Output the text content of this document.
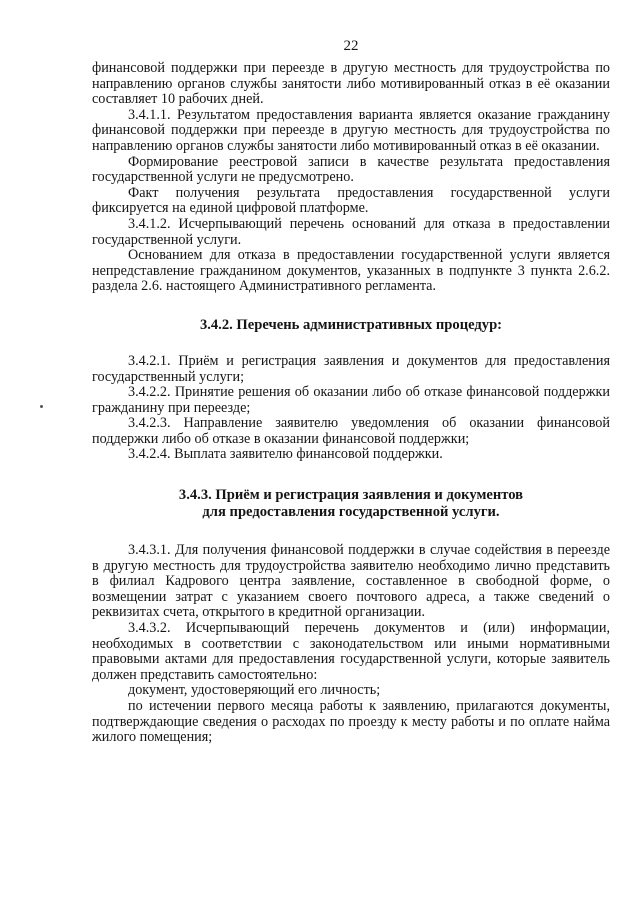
22

финансовой поддержки при переезде в другую местность для трудоустройства по направлению органов службы занятости либо мотивированный отказ в её оказании составляет 10 рабочих дней.

3.4.1.1. Результатом предоставления варианта является оказание гражданину финансовой поддержки при переезде в другую местность для трудоустройства по направлению органов службы занятости либо мотивированный отказ в её оказании.

Формирование реестровой записи в качестве результата предоставления государственной услуги не предусмотрено.

Факт получения результата предоставления государственной услуги фиксируется на единой цифровой платформе.

3.4.1.2. Исчерпывающий перечень оснований для отказа в предоставлении государственной услуги.

Основанием для отказа в предоставлении государственной услуги является непредставление гражданином документов, указанных в подпункте 3 пункта 2.6.2. раздела 2.6. настоящего Административного регламента.

3.4.2. Перечень административных процедур:

3.4.2.1. Приём и регистрация заявления и документов для предоставления государственный услуги;

3.4.2.2. Принятие решения об оказании либо об отказе финансовой поддержки гражданину при переезде;

3.4.2.3. Направление заявителю уведомления об оказании финансовой поддержки либо об отказе в оказании финансовой поддержки;

3.4.2.4. Выплата заявителю финансовой поддержки.

3.4.3. Приём и регистрация заявления и документов
для предоставления государственной услуги.

3.4.3.1. Для получения финансовой поддержки в случае содействия в переезде в другую местность для трудоустройства заявителю необходимо лично представить в филиал Кадрового центра заявление, составленное в свободной форме, о возмещении затрат с указанием своего почтового адреса, а также сведений о реквизитах счета, открытого в кредитной организации.

3.4.3.2. Исчерпывающий перечень документов и (или) информации, необходимых в соответствии с законодательством или иными нормативными правовыми актами для предоставления государственной услуги, которые заявитель должен представить самостоятельно:

документ, удостоверяющий его личность;

по истечении первого месяца работы к заявлению, прилагаются документы, подтверждающие сведения о расходах по проезду к месту работы и по оплате найма жилого помещения;
